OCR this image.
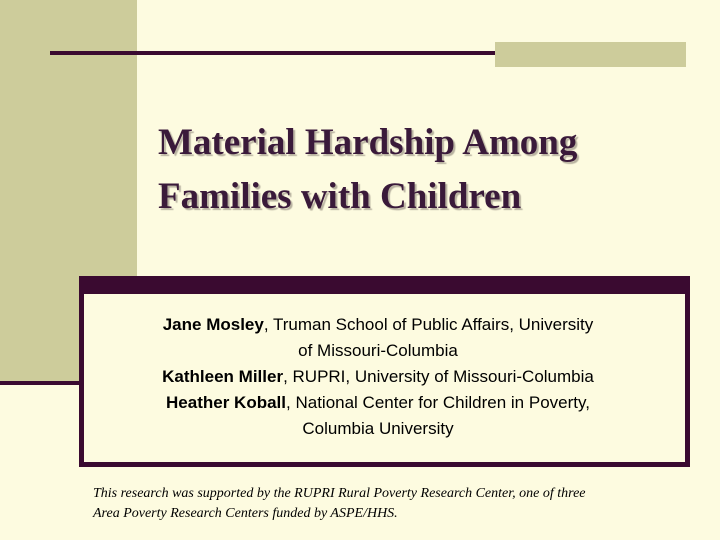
Material Hardship Among
Families with Children
Jane Mosley, Truman School of Public Affairs, University
of Missouri-Columbia
Kathleen Miller, RUPRI, University of Missouri-Columbia
Heather Koball, National Center for Children in Poverty,
Columbia University
This research was supported by the RUPRI Rural Poverty Research Center, one of three
Area Poverty Research Centers funded by ASPE/HHS.
